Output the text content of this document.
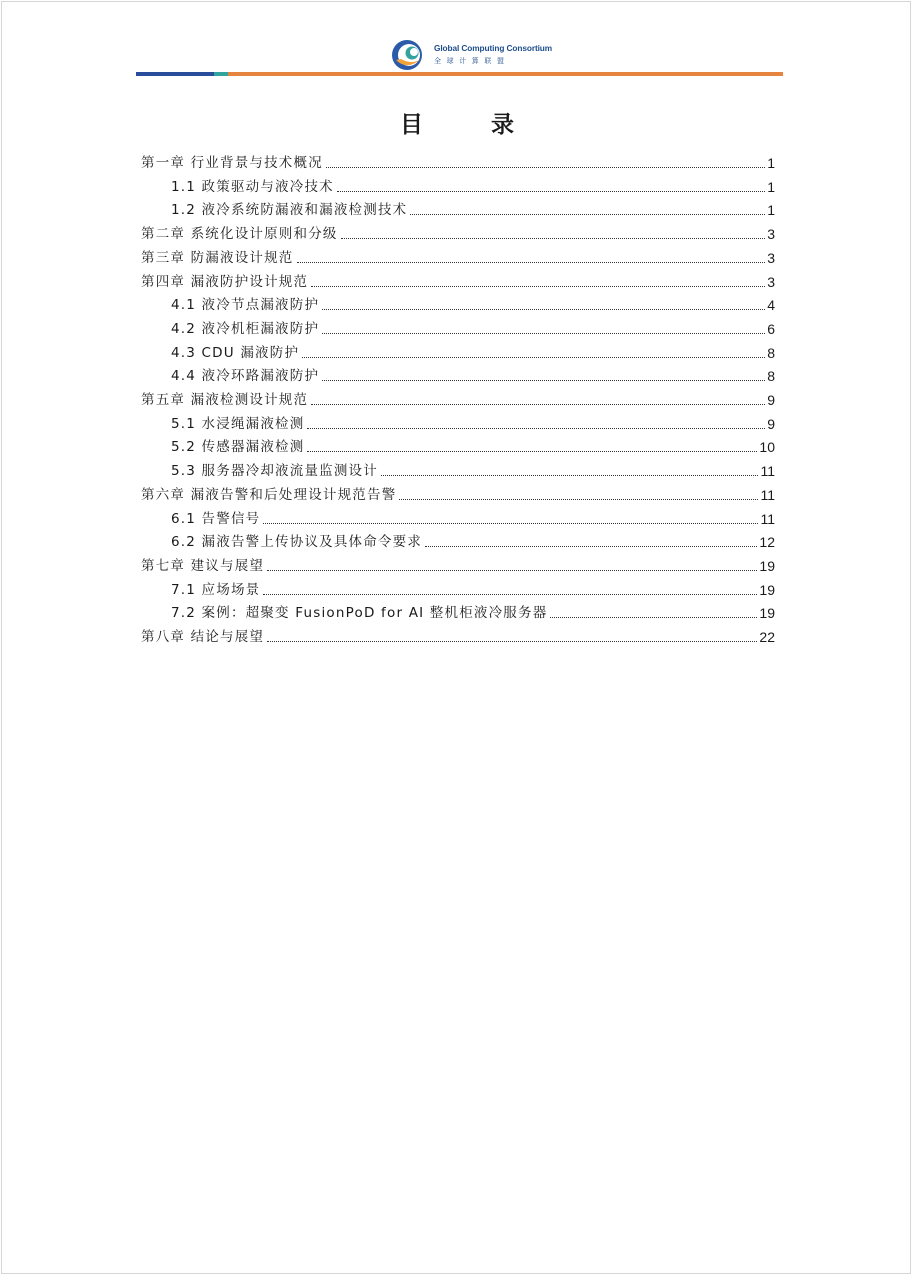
Global Computing Consortium
全球计算联盟
目 录
第一章 行业背景与技术概况	1
1.1 政策驱动与液冷技术	1
1.2 液冷系统防漏液和漏液检测技术	1
第二章 系统化设计原则和分级	3
第三章 防漏液设计规范	3
第四章 漏液防护设计规范	3
4.1 液冷节点漏液防护	4
4.2 液冷机柜漏液防护	6
4.3 CDU 漏液防护	8
4.4 液冷环路漏液防护	8
第五章 漏液检测设计规范	9
5.1 水浸绳漏液检测	9
5.2 传感器漏液检测	10
5.3 服务器冷却液流量监测设计	11
第六章 漏液告警和后处理设计规范告警	11
6.1 告警信号	11
6.2 漏液告警上传协议及具体命令要求	12
第七章 建议与展望	19
7.1 应场场景	19
7.2 案例：超聚变 FusionPoD for AI 整机柜液冷服务器	19
第八章 结论与展望	22
